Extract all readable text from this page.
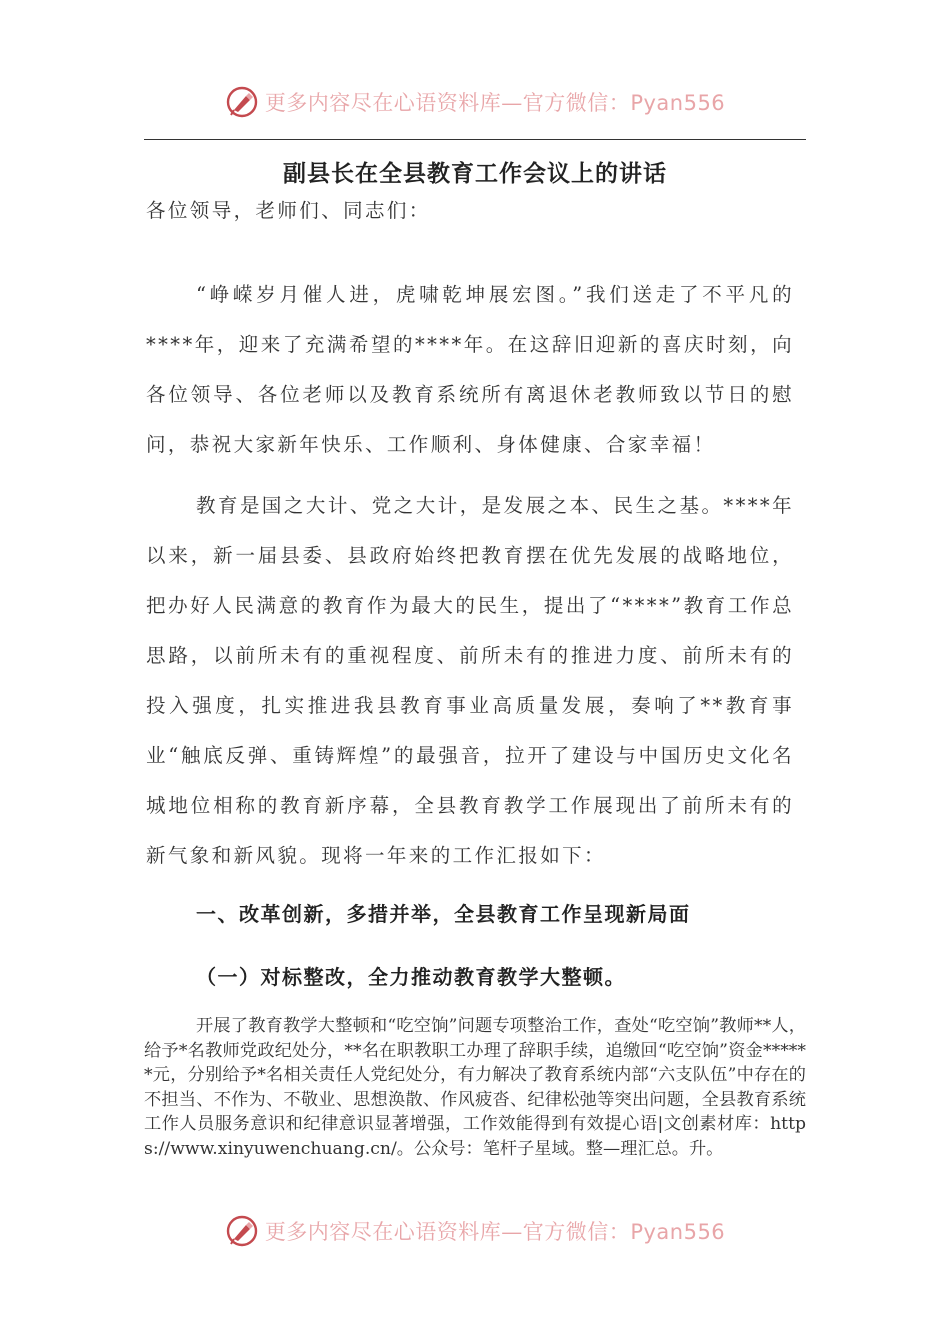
更多内容尽在心语资料库—官方微信：Pyan556
副县长在全县教育工作会议上的讲话

各位领导，老师们、同志们：

“峥嵘岁月催人进，虎啸乾坤展宏图。”我们送走了不平凡的****年，迎来了充满希望的****年。在这辞旧迎新的喜庆时刻，向各位领导、各位老师以及教育系统所有离退休老教师致以节日的慰问，恭祝大家新年快乐、工作顺利、身体健康、合家幸福！

教育是国之大计、党之大计，是发展之本、民生之基。****年以来，新一届县委、县政府始终把教育摆在优先发展的战略地位，把办好人民满意的教育作为最大的民生，提出了“****”教育工作总思路，以前所未有的重视程度、前所未有的推进力度、前所未有的投入强度，扎实推进我县教育事业高质量发展，奏响了**教育事业“触底反弹、重铸辉煌”的最强音，拉开了建设与中国历史文化名城地位相称的教育新序幕，全县教育教学工作展现出了前所未有的新气象和新风貌。现将一年来的工作汇报如下：

一、改革创新，多措并举，全县教育工作呈现新局面

（一）对标整改，全力推动教育教学大整顿。

开展了教育教学大整顿和“吃空饷”问题专项整治工作，查处“吃空饷”教师**人，给予*名教师党政纪处分，**名在职教职工办理了辞职手续，追缴回“吃空饷”资金******元，分别给予*名相关责任人党纪处分，有力解决了教育系统内部“六支队伍”中存在的不担当、不作为、不敬业、思想涣散、作风疲沓、纪律松弛等突出问题，全县教育系统工作人员服务意识和纪律意识显著增强，工作效能得到有效提心语|文创素材库：https://www.xinyuwenchuang.cn/。公众号：笔杆子星域。整—理汇总。升。

更多内容尽在心语资料库—官方微信：Pyan556
